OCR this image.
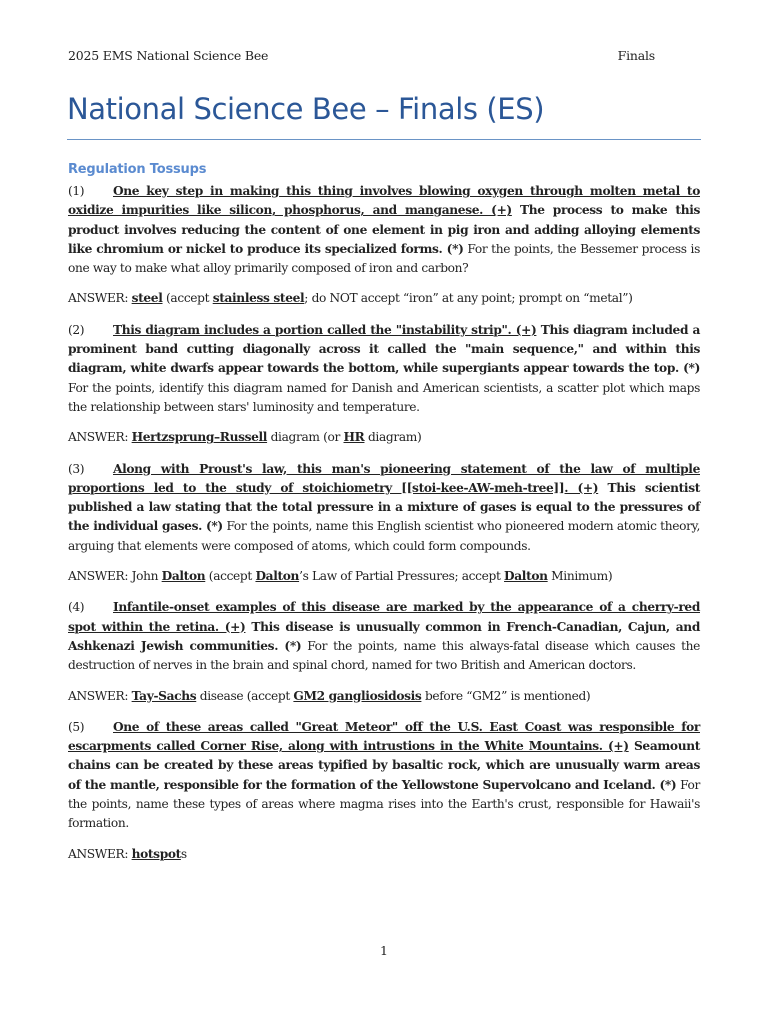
2025 EMS National Science Bee	Finals
National Science Bee – Finals (ES)
Regulation Tossups

(1) One key step in making this thing involves blowing oxygen through molten metal to oxidize impurities like silicon, phosphorus, and manganese. (+) The process to make this product involves reducing the content of one element in pig iron and adding alloying elements like chromium or nickel to produce its specialized forms. (*) For the points, the Bessemer process is one way to make what alloy primarily composed of iron and carbon?

ANSWER: steel (accept stainless steel; do NOT accept “iron” at any point; prompt on “metal”)

(2) This diagram includes a portion called the "instability strip". (+) This diagram included a prominent band cutting diagonally across it called the "main sequence," and within this diagram, white dwarfs appear towards the bottom, while supergiants appear towards the top. (*) For the points, identify this diagram named for Danish and American scientists, a scatter plot which maps the relationship between stars' luminosity and temperature.

ANSWER: Hertzsprung–Russell diagram (or HR diagram)

(3) Along with Proust's law, this man's pioneering statement of the law of multiple proportions led to the study of stoichiometry [[stoi-kee-AW-meh-tree]]. (+) This scientist published a law stating that the total pressure in a mixture of gases is equal to the pressures of the individual gases. (*) For the points, name this English scientist who pioneered modern atomic theory, arguing that elements were composed of atoms, which could form compounds.

ANSWER: John Dalton (accept Dalton’s Law of Partial Pressures; accept Dalton Minimum)

(4) Infantile-onset examples of this disease are marked by the appearance of a cherry-red spot within the retina. (+) This disease is unusually common in French-Canadian, Cajun, and Ashkenazi Jewish communities. (*) For the points, name this always-fatal disease which causes the destruction of nerves in the brain and spinal chord, named for two British and American doctors.

ANSWER: Tay-Sachs disease (accept GM2 gangliosidosis before “GM2” is mentioned)

(5) One of these areas called "Great Meteor" off the U.S. East Coast was responsible for escarpments called Corner Rise, along with intrustions in the White Mountains. (+) Seamount chains can be created by these areas typified by basaltic rock, which are unusually warm areas of the mantle, responsible for the formation of the Yellowstone Supervolcano and Iceland. (*) For the points, name these types of areas where magma rises into the Earth's crust, responsible for Hawaii's formation.

ANSWER: hotspots

1
